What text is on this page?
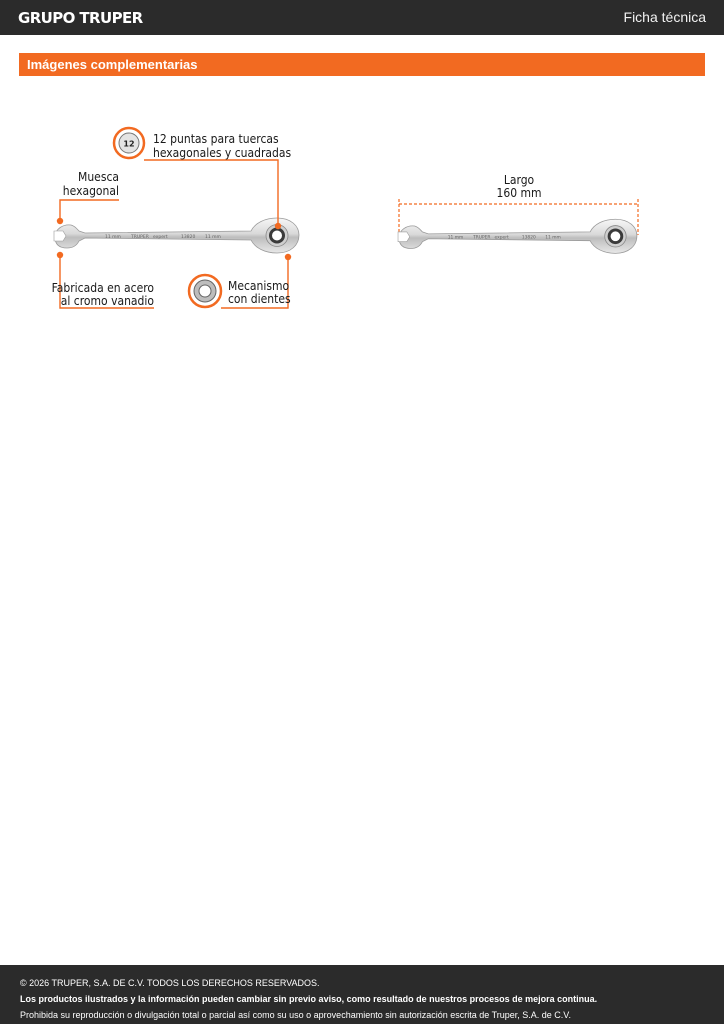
GRUPO TRUPER	Ficha técnica
Imágenes complementarias
11 mm TRUPER expert	13820 11 mm
12 12 puntas para tuercas
hexagonales y cuadradas
Muesca
hexagonal
Fabricada en acero
al cromo vanadio
Mecanismo
con dientes
Largo
160 mm
11 mm TRUPER expert	13820 11 mm
© 2026 TRUPER, S.A. DE C.V. TODOS LOS DERECHOS RESERVADOS.
Los productos ilustrados y la información pueden cambiar sin previo aviso, como resultado de nuestros procesos de mejora continua.
Prohibida su reproducción o divulgación total o parcial así como su uso o aprovechamiento sin autorización escrita de Truper, S.A. de C.V.
